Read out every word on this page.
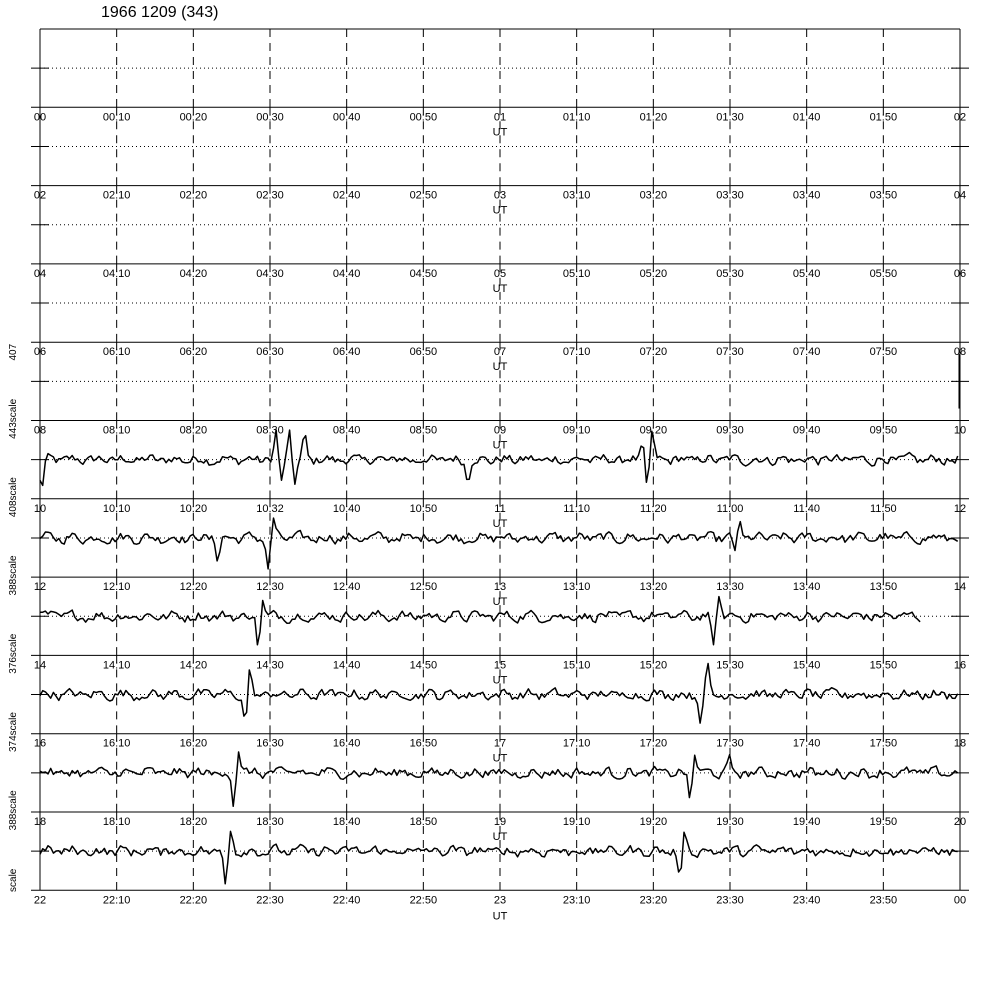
1966 1209 (343)
scale
407
scale
443
scale
408
scale
388
scale
376
scale
374
scale
388
00	00:10	00:20	00:30	00:40	00:50	01	01:10	01:20	01:30	01:40	01:50	02
UT
02	02:10	02:20	02:30	02:40	02:50	03	03:10	03:20	03:30	03:40	03:50	04
UT
04	04:10	04:20	04:30	04:40	04:50	05	05:10	05:20	05:30	05:40	05:50	06
UT
06	06:10	06:20	06:30	06:40	06:50	07	07:10	07:20	07:30	07:40	07:50	08
UT
08	08:10	08:20	08:30	08:40	08:50	09	09:10	09:20	09:30	09:40	09:50	10
UT
10	10:10	10:20	10:32	10:40	10:50	11	11:10	11:20	11:00	11:40	11:50	12
UT
12	12:10	12:20	12:30	12:40	12:50	13	13:10	13:20	13:30	13:40	13:50	14
UT
14	14:10	14:20	14:30	14:40	14:50	15	15:10	15:20	15:30	15:40	15:50	16
UT
16	16:10	16:20	16:30	16:40	16:50	17	17:10	17:20	17:30	17:40	17:50	18
UT
18	18:10	18:20	18:30	18:40	18:50	19	19:10	19:20	19:30	19:40	19:50	20
UT
22	22:10	22:20	22:30	22:40	22:50	23	23:10	23:20	23:30	23:40	23:50	00
UT
